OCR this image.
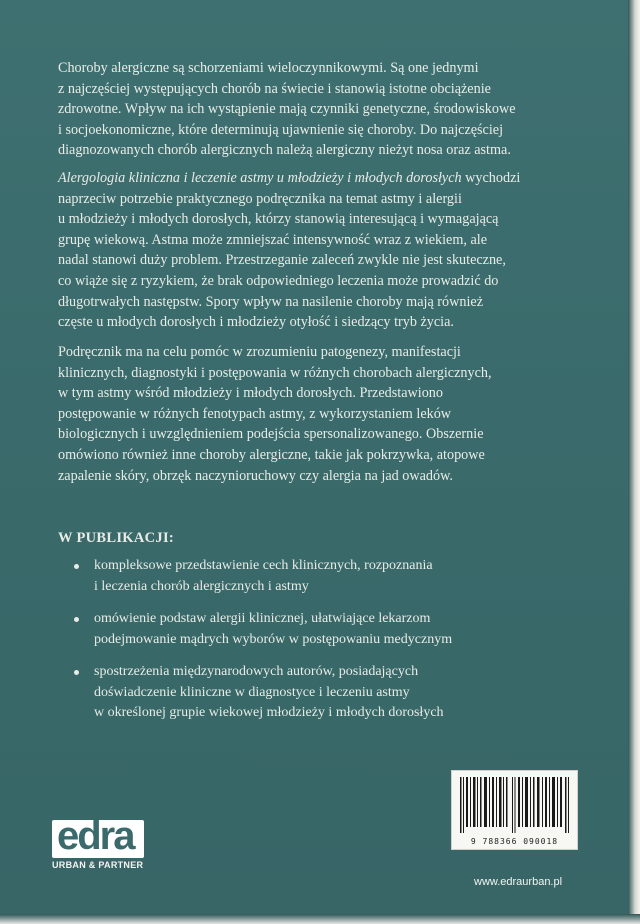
Choroby alergiczne są schorzeniami wieloczynnikowymi. Są one jednymi
z najczęściej występujących chorób na świecie i stanowią istotne obciążenie
zdrowotne. Wpływ na ich wystąpienie mają czynniki genetyczne, środowiskowe
i socjoekonomiczne, które determinują ujawnienie się choroby. Do najczęściej
diagnozowanych chorób alergicznych należą alergiczny nieżyt nosa oraz astma.

Alergologia kliniczna i leczenie astmy u młodzieży i młodych dorosłych wychodzi
naprzeciw potrzebie praktycznego podręcznika na temat astmy i alergii
u młodzieży i młodych dorosłych, którzy stanowią interesującą i wymagającą
grupę wiekową. Astma może zmniejszać intensywność wraz z wiekiem, ale
nadal stanowi duży problem. Przestrzeganie zaleceń zwykle nie jest skuteczne,
co wiąże się z ryzykiem, że brak odpowiedniego leczenia może prowadzić do
długotrwałych następstw. Spory wpływ na nasilenie choroby mają również
częste u młodych dorosłych i młodzieży otyłość i siedzący tryb życia.

Podręcznik ma na celu pomóc w zrozumieniu patogenezy, manifestacji
klinicznych, diagnostyki i postępowania w różnych chorobach alergicznych,
w tym astmy wśród młodzieży i młodych dorosłych. Przedstawiono
postępowanie w różnych fenotypach astmy, z wykorzystaniem leków
biologicznych i uwzględnieniem podejścia spersonalizowanego. Obszernie
omówiono również inne choroby alergiczne, takie jak pokrzywka, atopowe
zapalenie skóry, obrzęk naczynioruchowy czy alergia na jad owadów.

W PUBLIKACJI:
kompleksowe przedstawienie cech klinicznych, rozpoznania
i leczenia chorób alergicznych i astmy
omówienie podstaw alergii klinicznej, ułatwiające lekarzom
podejmowanie mądrych wyborów w postępowaniu medycznym
spostrzeżenia międzynarodowych autorów, posiadających
doświadczenie kliniczne w diagnostyce i leczeniu astmy
w określonej grupie wiekowej młodzieży i młodych dorosłych
9 788366 090018
www.edraurban.pl
edra
URBAN & PARTNER
